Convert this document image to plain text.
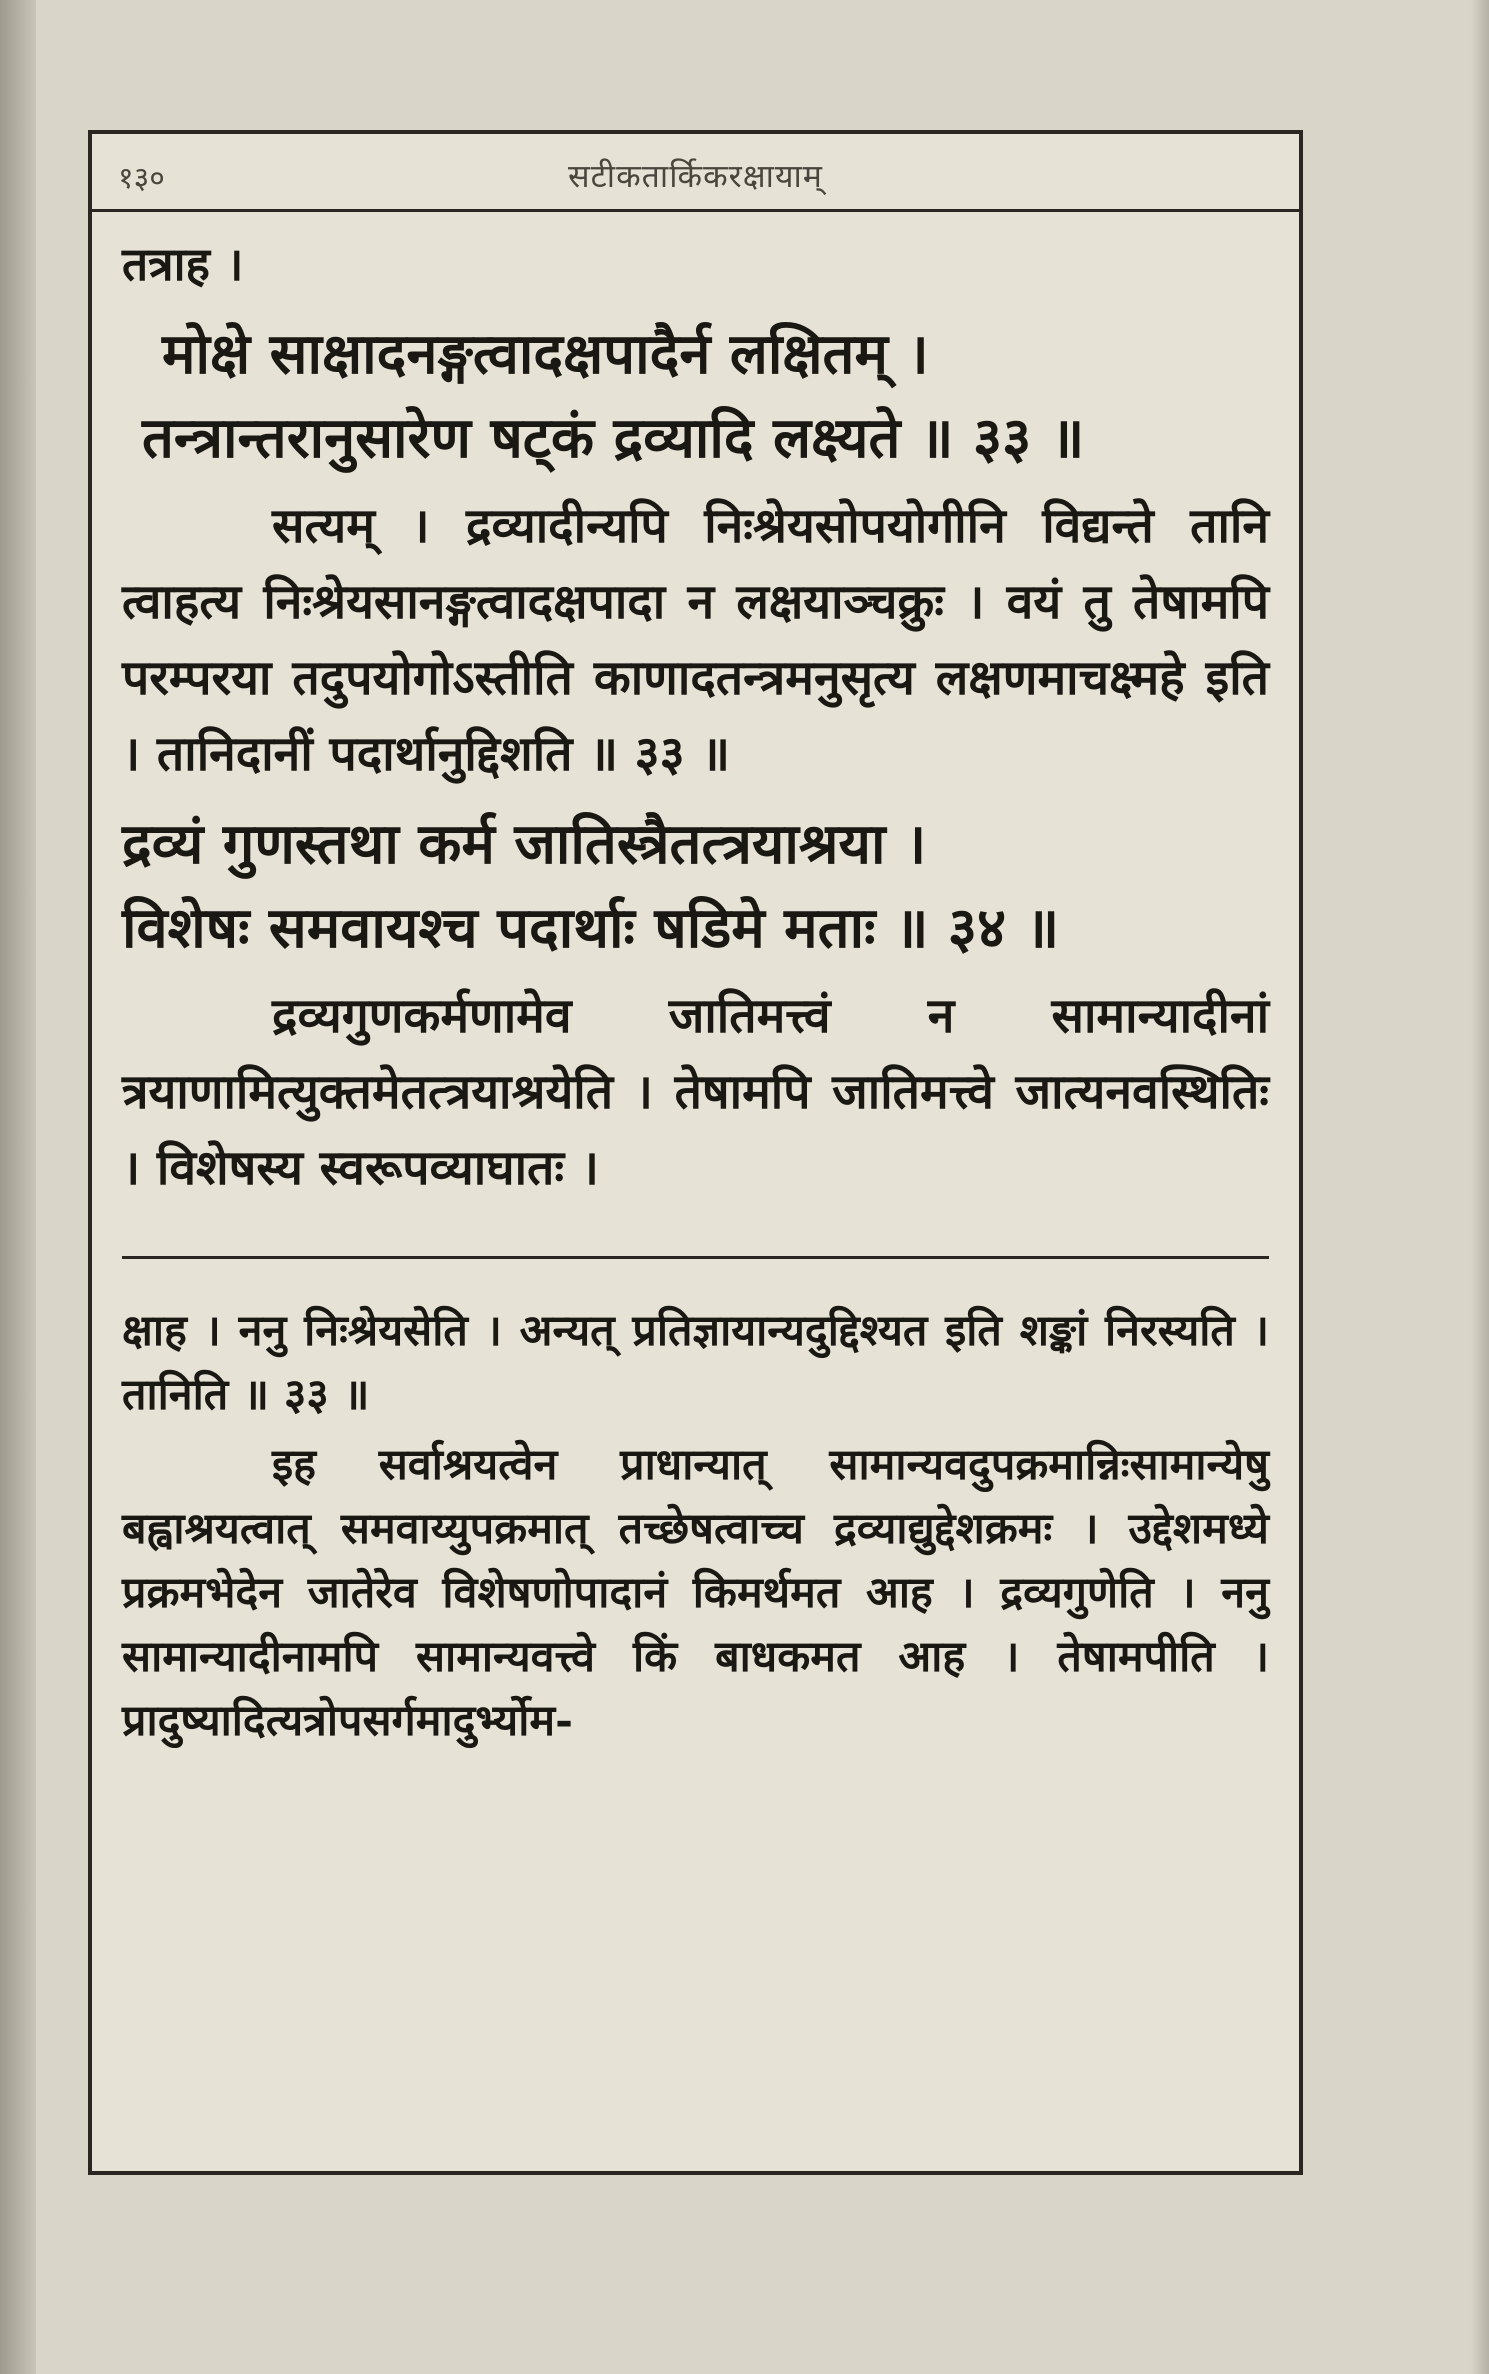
१३०	सटीकतार्किकरक्षायाम्

तत्राह ।

मोक्षे साक्षादनङ्गत्वादक्षपादैर्न लक्षितम् ।

तन्त्रान्तरानुसारेण षट्कं द्रव्यादि लक्ष्यते ॥ ३३ ॥

सत्यम् । द्रव्यादीन्यपि निःश्रेयसोपयोगीनि विद्यन्ते तानि त्वाहत्य निःश्रेयसानङ्गत्वादक्षपादा न लक्षयाञ्चक्रुः । वयं तु तेषामपि परम्परया तदुपयोगोऽस्तीति काणादतन्त्रमनुसृत्य लक्षणमाचक्ष्महे इति । तानिदानीं पदार्थानुद्दिशति ॥ ३३ ॥

द्रव्यं गुणस्तथा कर्म जातिस्त्रैतत्त्रयाश्रया ।

विशेषः समवायश्च पदार्थाः षडिमे मताः ॥ ३४ ॥

द्रव्यगुणकर्मणामेव जातिमत्त्वं न सामान्यादीनां त्रयाणामित्युक्तमेतत्त्रयाश्रयेति । तेषामपि जातिमत्त्वे जात्यनवस्थितिः । विशेषस्य स्वरूपव्याघातः ।

क्षाह । ननु निःश्रेयसेति । अन्यत् प्रतिज्ञायान्यदुद्दिश्यत इति शङ्कां निरस्यति । तानिति ॥ ३३ ॥

इह सर्वाश्रयत्वेन प्राधान्यात् सामान्यवदुपक्रमान्निःसामान्येषु बह्वाश्रयत्वात् समवाय्युपक्रमात् तच्छेषत्वाच्च द्रव्याद्युद्देशक्रमः । उद्देशमध्ये प्रक्रमभेदेन जातेरेव विशेषणोपादानं किमर्थमत आह । द्रव्यगुणेति । ननु सामान्यादीनामपि सामान्यवत्त्वे किं बाधकमत आह । तेषामपीति । प्रादुष्यादित्यत्रोपसर्गमादुर्भ्योम-
